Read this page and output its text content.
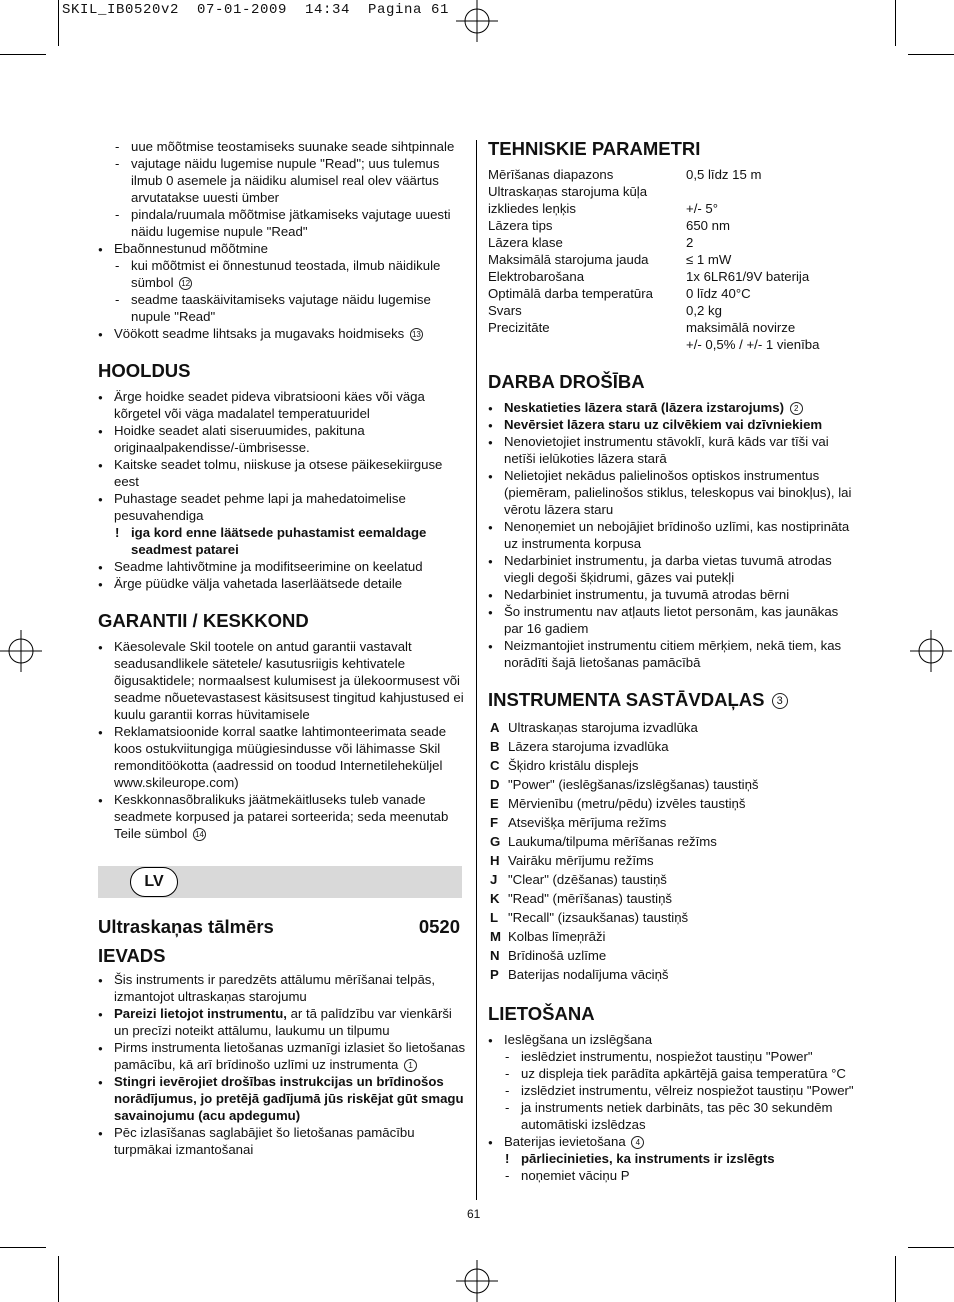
SKIL_IB0520v2  07-01-2009  14:34  Pagina 61
- uue mõõtmise teostamiseks suunake seade sihtpinnale
- vajutage näidu lugemise nupule "Read"; uus tulemus ilmub 0 asemele ja näidiku alumisel real olev väärtus arvutatakse uuesti ümber
- pindala/ruumala mõõtmise jätkamiseks vajutage uuesti näidu lugemise nupule "Read"
● Ebaõnnestunud mõõtmine
- kui mõõtmist ei õnnestunud teostada, ilmub näidikule sümbol 12
- seadme taaskäivitamiseks vajutage näidu lugemise nupule "Read"
● Vöökott seadme lihtsaks ja mugavaks hoidmiseks 13
HOOLDUS
● Ärge hoidke seadet pideva vibratsiooni käes või väga kõrgetel või väga madalatel temperatuuridel
● Hoidke seadet alati siseruumides, pakituna originaalpakendisse/-ümbrisesse.
● Kaitske seadet tolmu, niiskuse ja otsese päikesekiirguse eest
● Puhastage seadet pehme lapi ja mahedatoimelise pesuvahendiga
! iga kord enne läätsede puhastamist eemaldage seadmest patarei
● Seadme lahtivõtmine ja modifitseerimine on keelatud
● Ärge püüdke välja vahetada laserläätsede detaile
GARANTII / KESKKOND
● Käesolevale Skil tootele on antud garantii vastavalt seadusandlikele sätetele/ kasutusriigis kehtivatele õigusaktidele; normaalsest kulumisest ja ülekoormusest või seadme nõuetevastasest käsitsusest tingitud kahjustused ei kuulu garantii korras hüvitamisele
● Reklamatsioonide korral saatke lahtimonteerimata seade koos ostukviitungiga müügiesindusse või lähimasse Skil remonditöökotta (aadressid on toodud Internetileheküljel www.skileurope.com)
● Keskkonnasõbralikuks jäätmekäitluseks tuleb vanade seadmete korpused ja patarei sorteerida; seda meenutab Teile sümbol 14
LV
Ultraskaņas tālmērs	0520
IEVADS
● Šis instruments ir paredzēts attālumu mērīšanai telpās, izmantojot ultraskaņas starojumu
● Pareizi lietojot instrumentu, ar tā palīdzību var vienkārši un precīzi noteikt attālumu, laukumu un tilpumu
● Pirms instrumenta lietošanas uzmanīgi izlasiet šo lietošanas pamācību, kā arī brīdinošo uzlīmi uz instrumenta 1
● Stingri ievērojiet drošības instrukcijas un brīdinošos norādījumus, jo pretējā gadījumā jūs riskējat gūt smagu savainojumu (acu apdegumu)
● Pēc izlasīšanas saglabājiet šo lietošanas pamācību turpmākai izmantošanai
TEHNISKIE PARAMETRI
Mērīšanas diapazons	0,5 līdz 15 m
Ultraskaņas starojuma kūļa	
izkliedes leņķis	+/- 5°
Lāzera tips	650 nm
Lāzera klase	2
Maksimālā starojuma jauda	≤ 1 mW
Elektrobarošana	1x 6LR61/9V baterija
Optimālā darba temperatūra	0 līdz 40°C
Svars	0,2 kg
Precizitāte	maksimālā novirze
	+/- 0,5% / +/- 1 vienība
DARBA DROŠĪBA
● Neskatieties lāzera starā (lāzera izstarojums) 2
● Nevērsiet lāzera staru uz cilvēkiem vai dzīvniekiem
● Nenovietojiet instrumentu stāvoklī, kurā kāds var tīši vai netīši ielūkoties lāzera starā
● Nelietojiet nekādus palielinošos optiskos instrumentus (piemēram, palielinošos stiklus, teleskopus vai binokļus), lai vērotu lāzera staru
● Nenoņemiet un nebojājiet brīdinošo uzlīmi, kas nostiprināta uz instrumenta korpusa
● Nedarbiniet instrumentu, ja darba vietas tuvumā atrodas viegli degoši šķidrumi, gāzes vai putekļi
● Nedarbiniet instrumentu, ja tuvumā atrodas bērni
● Šo instrumentu nav atļauts lietot personām, kas jaunākas par 16 gadiem
● Neizmantojiet instrumentu citiem mērķiem, nekā tiem, kas norādīti šajā lietošanas pamācībā
INSTRUMENTA SASTĀVDAĻAS 3
A	Ultraskaņas starojuma izvadlūka
B	Lāzera starojuma izvadlūka
C	Šķidro kristālu displejs
D	"Power" (ieslēgšanas/izslēgšanas) taustiņš
E	Mērvienību (metru/pēdu) izvēles taustiņš
F	Atsevišķa mērījuma režīms
G	Laukuma/tilpuma mērīšanas režīms
H	Vairāku mērījumu režīms
J	"Clear" (dzēšanas) taustiņš
K	"Read" (mērīšanas) taustiņš
L	"Recall" (izsaukšanas) taustiņš
M	Kolbas līmeņrāži
N	Brīdinošā uzlīme
P	Baterijas nodalījuma vāciņš
LIETOŠANA
● Ieslēgšana un izslēgšana
- ieslēdziet instrumentu, nospiežot taustiņu "Power"
- uz displeja tiek parādīta apkārtējā gaisa temperatūra °C
- izslēdziet instrumentu, vēlreiz nospiežot taustiņu "Power"
- ja instruments netiek darbināts, tas pēc 30 sekundēm automātiski izslēdzas
● Baterijas ievietošana 4
! pārliecinieties, ka instruments ir izslēgts
- noņemiet vāciņu P
61
